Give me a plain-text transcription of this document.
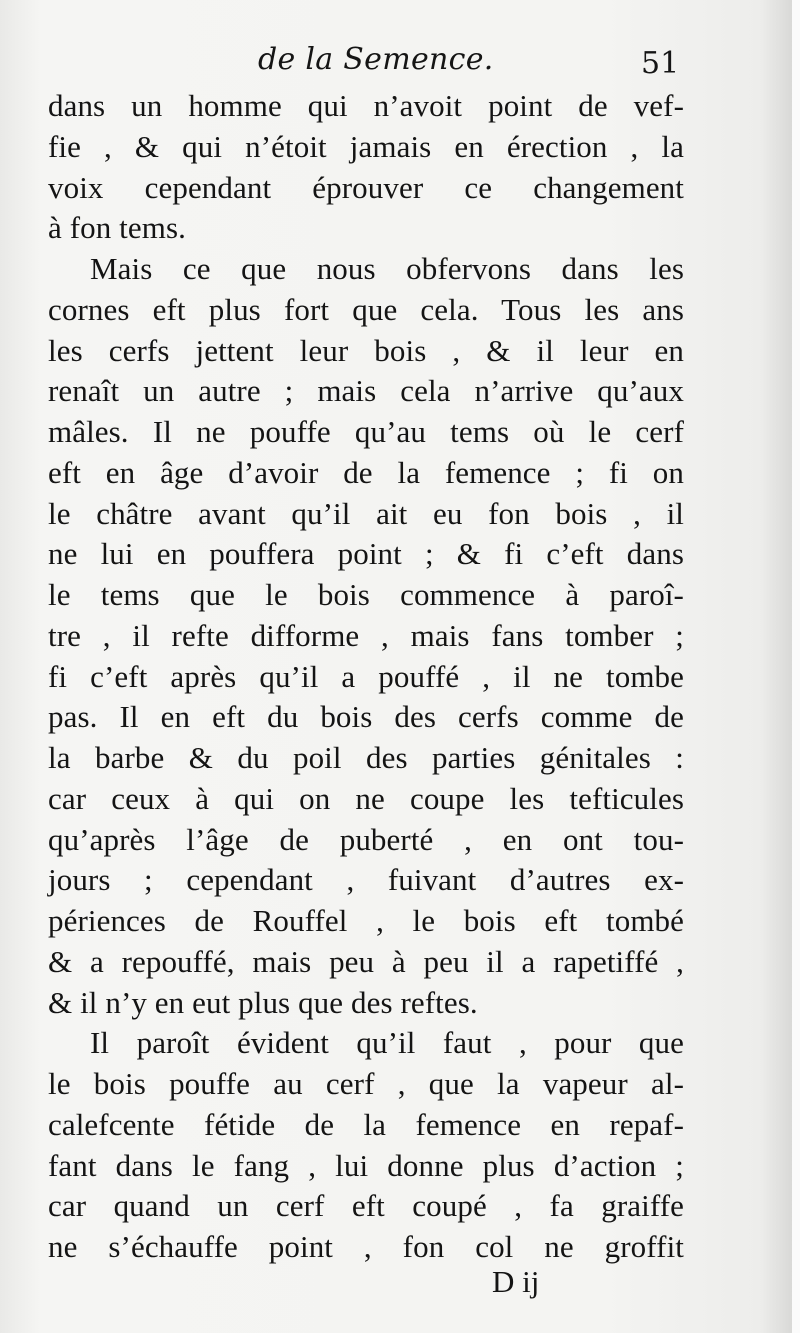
de la Semence.	51
dans un homme qui n’avoit point de vef-
fie , & qui n’étoit jamais en érection , la
voix cependant éprouver ce changement
à fon tems.
Mais ce que nous obfervons dans les
cornes eft plus fort que cela. Tous les ans
les cerfs jettent leur bois , & il leur en
renaît un autre ; mais cela n’arrive qu’aux
mâles. Il ne pouffe qu’au tems où le cerf
eft en âge d’avoir de la femence ; fi on
le châtre avant qu’il ait eu fon bois , il
ne lui en pouffera point ; & fi c’eft dans
le tems que le bois commence à paroî-
tre , il refte difforme , mais fans tomber ;
fi c’eft après qu’il a pouffé , il ne tombe
pas. Il en eft du bois des cerfs comme de
la barbe & du poil des parties génitales :
car ceux à qui on ne coupe les tefticules
qu’après l’âge de puberté , en ont tou-
jours ; cependant , fuivant d’autres ex-
périences de Rouffel , le bois eft tombé
& a repouffé, mais peu à peu il a rapetiffé ,
& il n’y en eut plus que des reftes.
Il paroît évident qu’il faut , pour que
le bois pouffe au cerf , que la vapeur al-
calefcente fétide de la femence en repaf-
fant dans le fang , lui donne plus d’action ;
car quand un cerf eft coupé , fa graiffe
ne s’échauffe point , fon col ne groffit
D ij
